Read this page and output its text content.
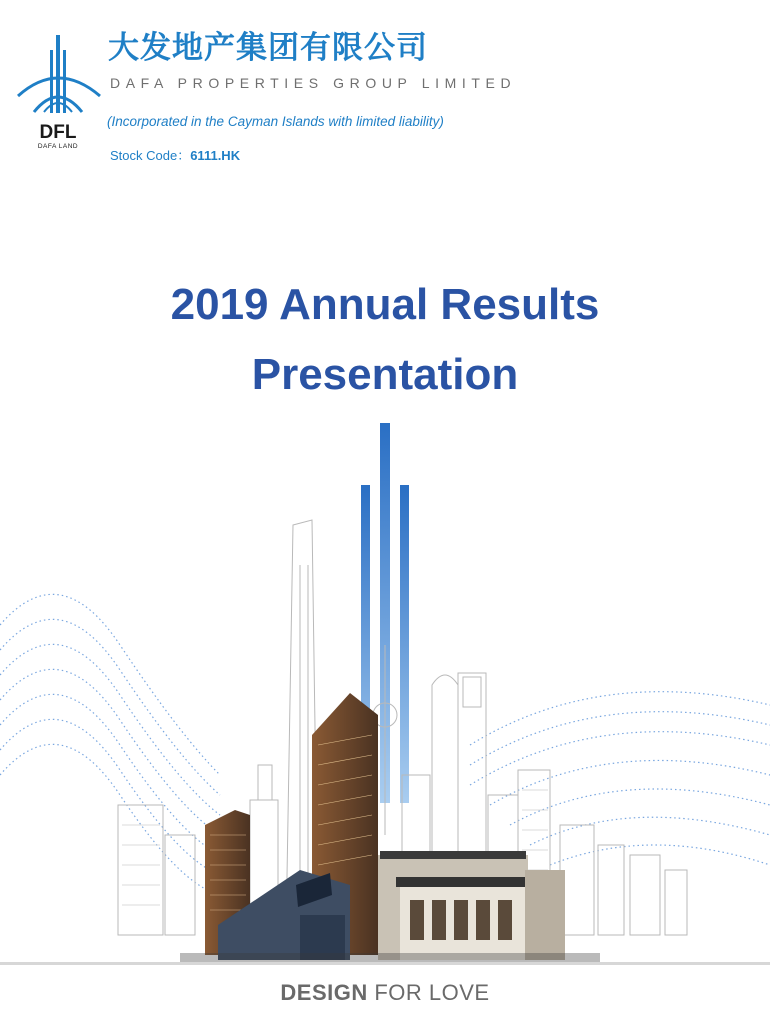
DFL
DAFA LAND
大发地产集团有限公司
DAFA PROPERTIES GROUP LIMITED
(Incorporated in the Cayman Islands with limited liability)
Stock Code：6111.HK
2019 Annual Results
Presentation
DESIGN FOR LOVE
